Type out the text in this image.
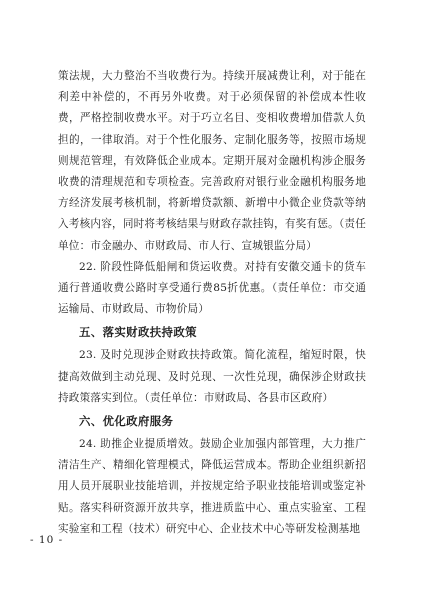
策法规，大力整治不当收费行为。持续开展减费让利，对于能在利差中补偿的，不再另外收费。对于必须保留的补偿成本性收费，严格控制收费水平。对于巧立名目、变相收费增加借款人负担的，一律取消。对于个性化服务、定制化服务等，按照市场规则规范管理，有效降低企业成本。定期开展对金融机构涉企服务收费的清理规范和专项检查。完善政府对银行业金融机构服务地方经济发展考核机制，将新增贷款额、新增中小微企业贷款等纳入考核内容，同时将考核结果与财政存款挂钩，有奖有惩。（责任单位：市金融办、市财政局、市人行、宣城银监分局）

22. 阶段性降低船闸和货运收费。对持有安徽交通卡的货车通行普通收费公路时享受通行费85折优惠。（责任单位：市交通运输局、市财政局、市物价局）

五、落实财政扶持政策

23. 及时兑现涉企财政扶持政策。简化流程，缩短时限，快捷高效做到主动兑现、及时兑现、一次性兑现，确保涉企财政扶持政策落实到位。（责任单位：市财政局、各县市区政府）

六、优化政府服务

24. 助推企业提质增效。鼓励企业加强内部管理，大力推广清洁生产、精细化管理模式，降低运营成本。帮助企业组织新招用人员开展职业技能培训，并按规定给予职业技能培训或鉴定补贴。落实科研资源开放共享，推进质监中心、重点实验室、工程实验室和工程（技术）研究中心、企业技术中心等研发检测基地

- 10 -
